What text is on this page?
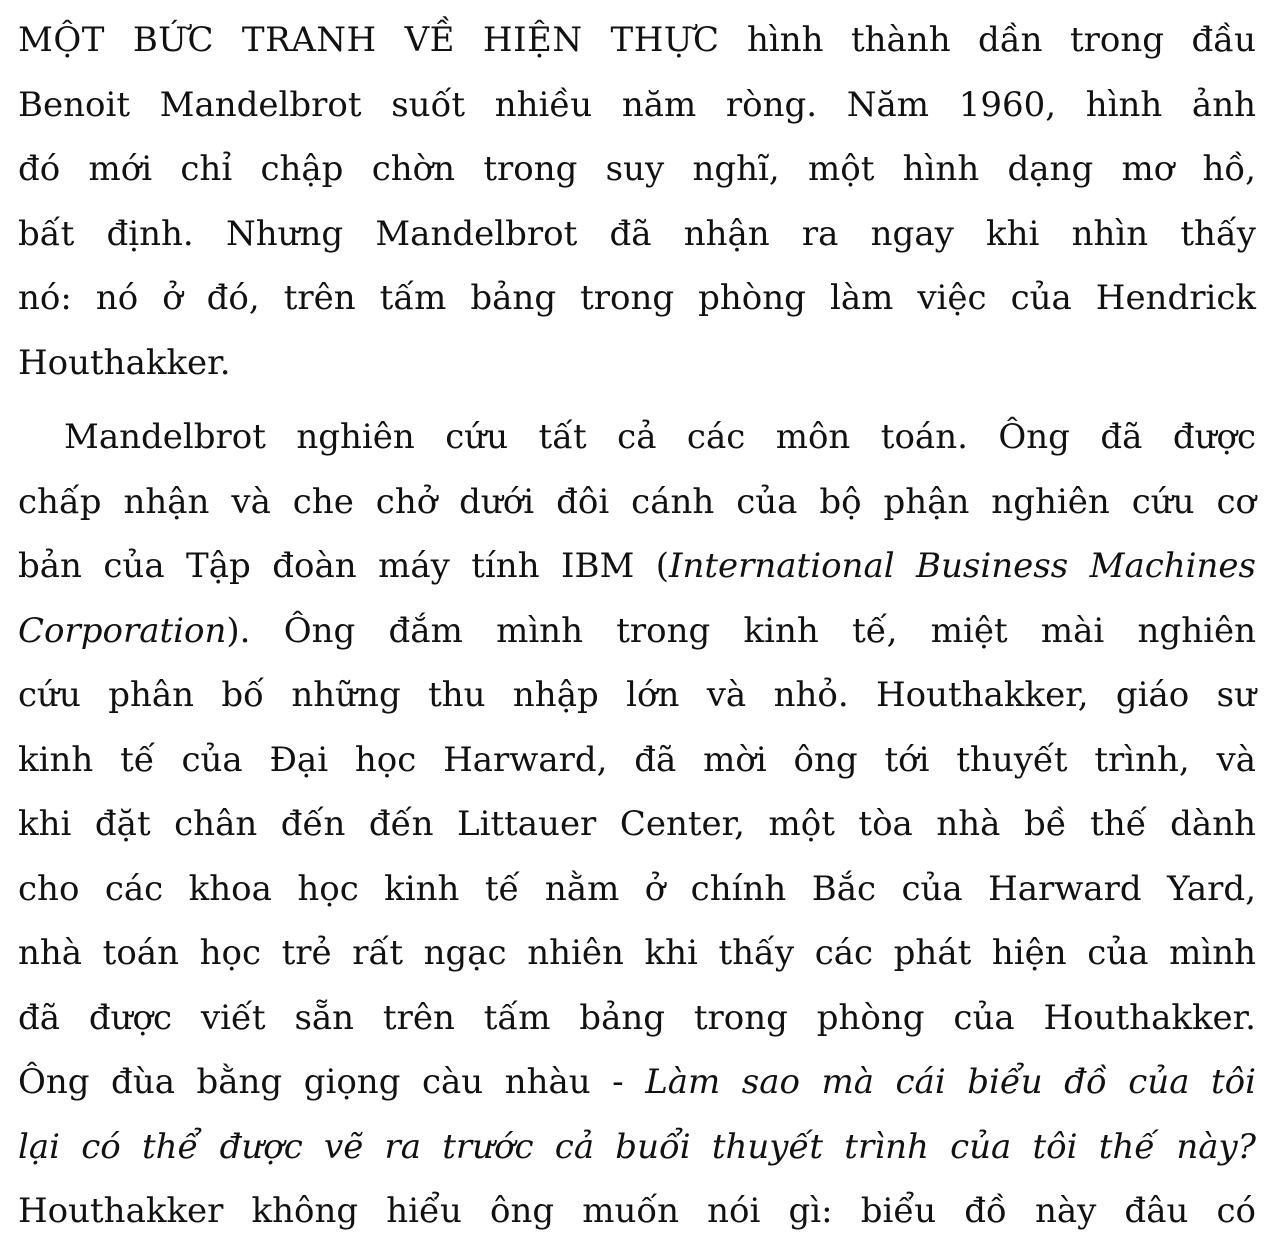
MỘT BỨC TRANH VỀ HIỆN THỰC hình thành dần trong đầu
Benoit Mandelbrot suốt nhiều năm ròng. Năm 1960, hình ảnh
đó mới chỉ chập chờn trong suy nghĩ, một hình dạng mơ hồ,
bất định. Nhưng Mandelbrot đã nhận ra ngay khi nhìn thấy
nó: nó ở đó, trên tấm bảng trong phòng làm việc của Hendrick
Houthakker.

Mandelbrot nghiên cứu tất cả các môn toán. Ông đã được
chấp nhận và che chở dưới đôi cánh của bộ phận nghiên cứu cơ
bản của Tập đoàn máy tính IBM (International Business Machines
Corporation). Ông đắm mình trong kinh tế, miệt mài nghiên
cứu phân bố những thu nhập lớn và nhỏ. Houthakker, giáo sư
kinh tế của Đại học Harward, đã mời ông tới thuyết trình, và
khi đặt chân đến đến Littauer Center, một tòa nhà bề thế dành
cho các khoa học kinh tế nằm ở chính Bắc của Harward Yard,
nhà toán học trẻ rất ngạc nhiên khi thấy các phát hiện của mình
đã được viết sẵn trên tấm bảng trong phòng của Houthakker.
Ông đùa bằng giọng càu nhàu - Làm sao mà cái biểu đồ của tôi
lại có thể được vẽ ra trước cả buổi thuyết trình của tôi thế này?
Houthakker không hiểu ông muốn nói gì: biểu đồ này đâu có
